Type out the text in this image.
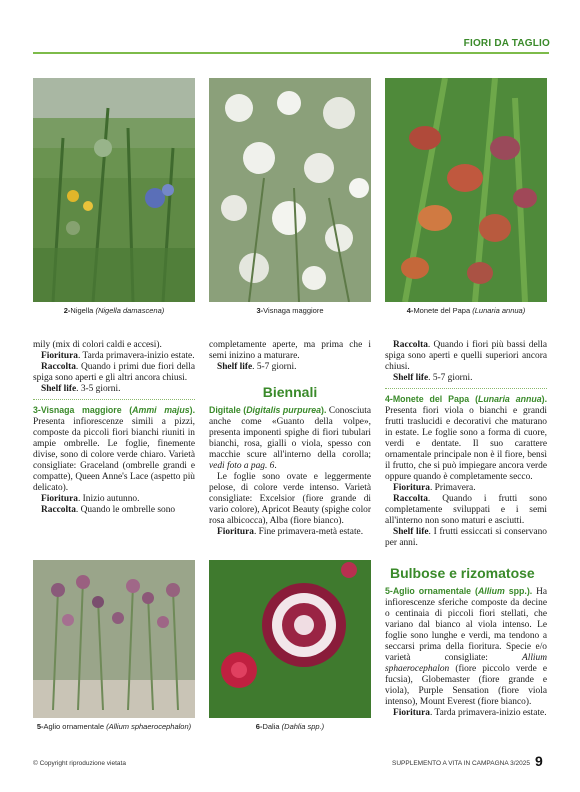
FIORI DA TAGLIO
2-Nigella (Nigella damascena)	3-Visnaga maggiore	4-Monete del Papa (Lunaria annua)

mily (mix di colori caldi e accesi).

Fioritura. Tarda primavera-inizio estate.

Raccolta. Quando i primi due fiori della spiga sono aperti e gli altri ancora chiusi.

Shelf life. 3-5 giorni.

3-Visnaga maggiore (Ammi majus). Presenta infiorescenze simili a pizzi, composte da piccoli fiori bianchi riuniti in ampie ombrelle. Le foglie, finemente divise, sono di colore verde chiaro. Varietà consigliate: Graceland (ombrelle grandi e compatte), Queen Anne's Lace (aspetto più delicato).

Fioritura. Inizio autunno.

Raccolta. Quando le ombrelle sono

completamente aperte, ma prima che i semi inizino a maturare.

Shelf life. 5-7 giorni.

Biennali

Digitale (Digitalis purpurea). Conosciuta anche come «Guanto della volpe», presenta imponenti spighe di fiori tubulari bianchi, rosa, gialli o viola, spesso con macchie scure all'interno della corolla; vedi foto a pag. 6.

Le foglie sono ovate e leggermente pelose, di colore verde intenso. Varietà consigliate: Excelsior (fiore grande di vario colore), Apricot Beauty (spighe color rosa albicocca), Alba (fiore bianco).

Fioritura. Fine primavera-metà estate.

Raccolta. Quando i fiori più bassi della spiga sono aperti e quelli superiori ancora chiusi.

Shelf life. 5-7 giorni.

4-Monete del Papa (Lunaria annua). Presenta fiori viola o bianchi e grandi frutti traslucidi e decorativi che maturano in estate. Le foglie sono a forma di cuore, verdi e dentate. Il suo carattere ornamentale principale non è il fiore, bensì il frutto, che si può impiegare ancora verde oppure quando è completamente secco.

Fioritura. Primavera.

Raccolta. Quando i frutti sono completamente sviluppati e i semi all'interno non sono maturi e asciutti.

Shelf life. I frutti essiccati si conservano per anni.

Bulbose e rizomatose

5-Aglio ornamentale (Allium spp.). Ha infiorescenze sferiche composte da decine o centinaia di piccoli fiori stellati, che variano dal bianco al viola intenso. Le foglie sono lunghe e verdi, ma tendono a seccarsi prima della fioritura. Specie e/o varietà consigliate: Allium sphaerocephalon (fiore piccolo verde e fucsia), Globemaster (fiore grande e viola), Purple Sensation (fiore viola intenso), Mount Everest (fiore bianco).

Fioritura. Tarda primavera-inizio estate.

5-Aglio ornamentale (Allium sphaerocephalon)	6-Dalia (Dahlia spp.)
© Copyright riproduzione vietata	SUPPLEMENTO A VITA IN CAMPAGNA 3/2025 9
